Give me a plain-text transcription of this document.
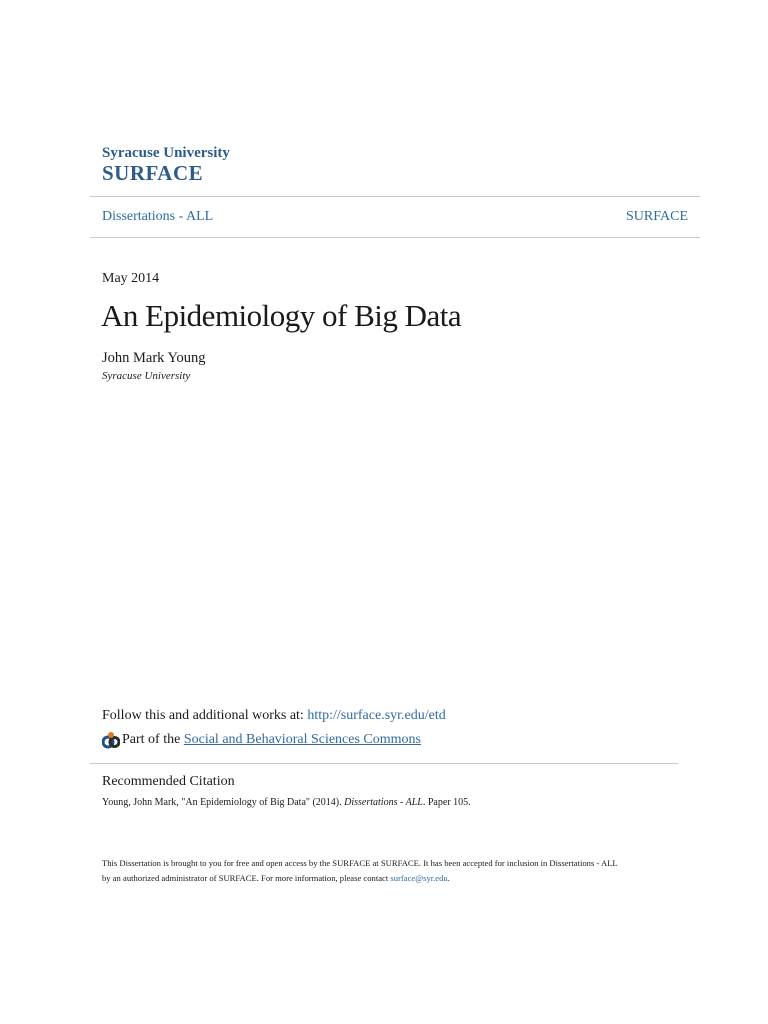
Syracuse University
SURFACE
Dissertations - ALL	SURFACE
May 2014
An Epidemiology of Big Data
John Mark Young
Syracuse University
Follow this and additional works at: http://surface.syr.edu/etd
Part of the
Social and Behavioral Sciences Commons
Recommended Citation
Young, John Mark, "An Epidemiology of Big Data" (2014). Dissertations - ALL. Paper 105.
This Dissertation is brought to you for free and open access by the SURFACE at SURFACE. It has been accepted for inclusion in Dissertations - ALL
by an authorized administrator of SURFACE. For more information, please contact surface@syr.edu.
